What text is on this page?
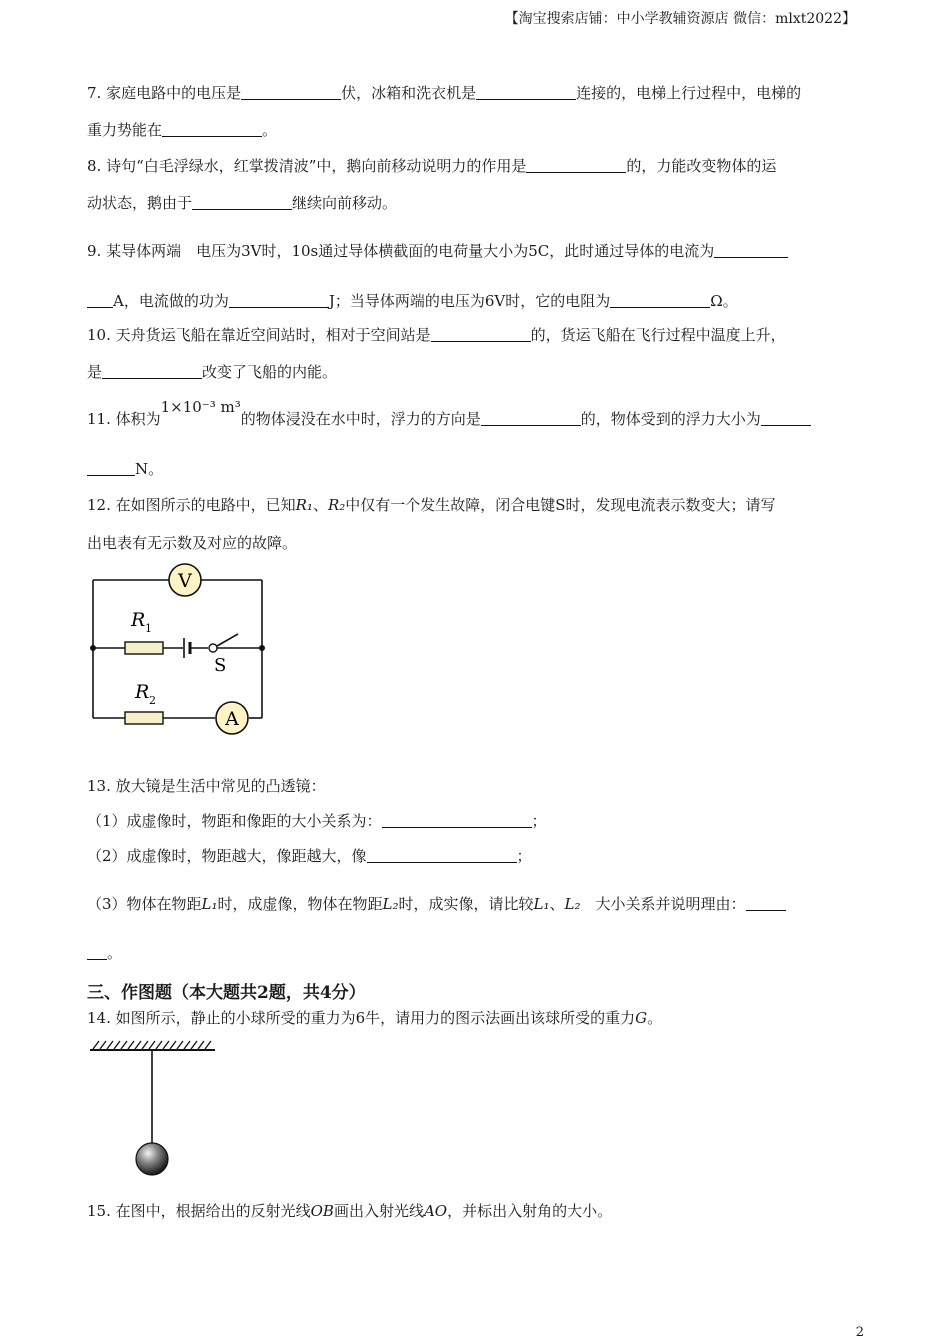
【淘宝搜索店铺：中小学教辅资源店 微信：mlxt2022】
7. 家庭电路中的电压是	伏，冰箱和洗衣机是	连接的，电梯上行过程中，电梯的
重力势能在	。
8. 诗句“白毛浮绿水，红掌拨清波”中，鹅向前移动说明力的作用是	的，力能改变物体的运
动状态，鹅由于	继续向前移动。
9. 某导体两端　电压为3V时，10s通过导体横截面的电荷量大小为5C，此时通过导体的电流为
A，电流做的功为	J；当导体两端的电压为6V时，它的电阻为	Ω。
10. 天舟货运飞船在靠近空间站时，相对于空间站是	的，货运飞船在飞行过程中温度上升，
是	改变了飞船的内能。
11. 体积为1×10⁻³ m³的物体浸没在水中时，浮力的方向是	的，物体受到的浮力大小为
N。
12. 在如图所示的电路中，已知R₁、R₂中仅有一个发生故障，闭合电键S时，发现电流表示数变大；请写
出电表有无示数及对应的故障。
V
A
R 1
R 2
S
13. 放大镜是生活中常见的凸透镜：
（1）成虚像时，物距和像距的大小关系为：	；
（2）成虚像时，物距越大，像距越大，像	；
（3）物体在物距L₁时，成虚像，物体在物距L₂时，成实像，请比较L₁、L₂　大小关系并说明理由：
。
三、作图题（本大题共2题，共4分）
14. 如图所示，静止的小球所受的重力为6牛，请用力的图示法画出该球所受的重力G。
15. 在图中，根据给出的反射光线OB画出入射光线AO，并标出入射角的大小。
2
